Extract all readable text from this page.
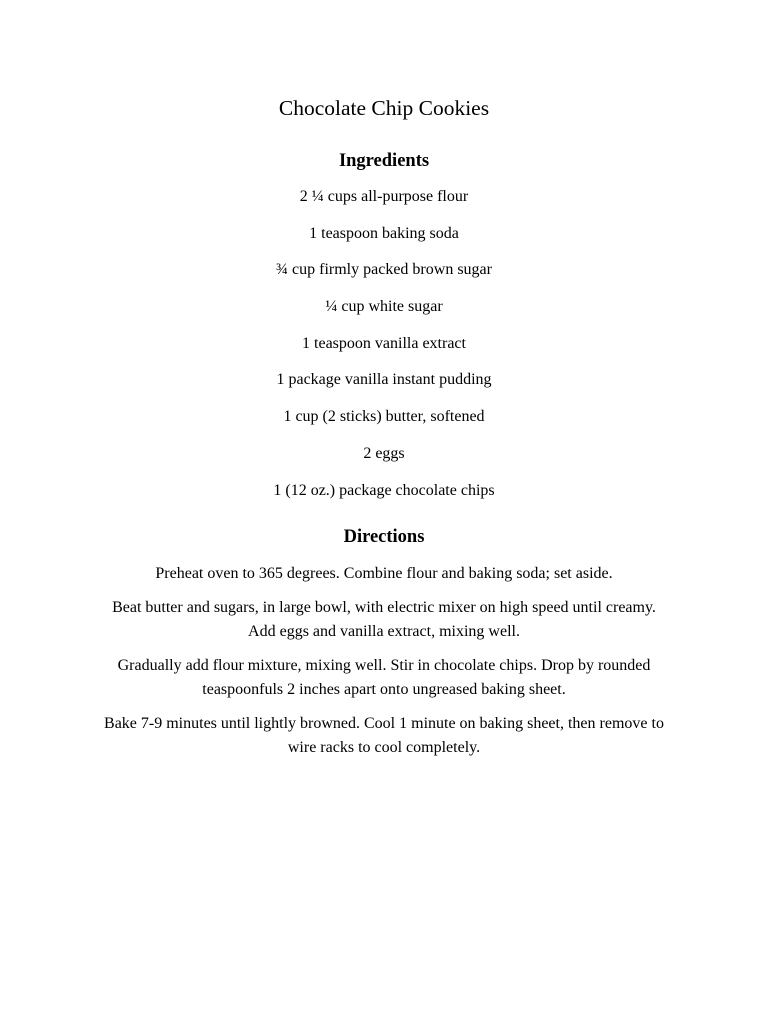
Chocolate Chip Cookies
Ingredients
2 ¼ cups all-purpose flour
1 teaspoon baking soda
¾ cup firmly packed brown sugar
¼ cup white sugar
1 teaspoon vanilla extract
1 package vanilla instant pudding
1 cup (2 sticks) butter, softened
2 eggs
1 (12 oz.) package chocolate chips
Directions

Preheat oven to 365 degrees. Combine flour and baking soda; set aside.

Beat butter and sugars, in large bowl, with electric mixer on high speed until creamy. Add eggs and vanilla extract, mixing well.

Gradually add flour mixture, mixing well. Stir in chocolate chips. Drop by rounded teaspoonfuls 2 inches apart onto ungreased baking sheet.

Bake 7-9 minutes until lightly browned. Cool 1 minute on baking sheet, then remove to wire racks to cool completely.
